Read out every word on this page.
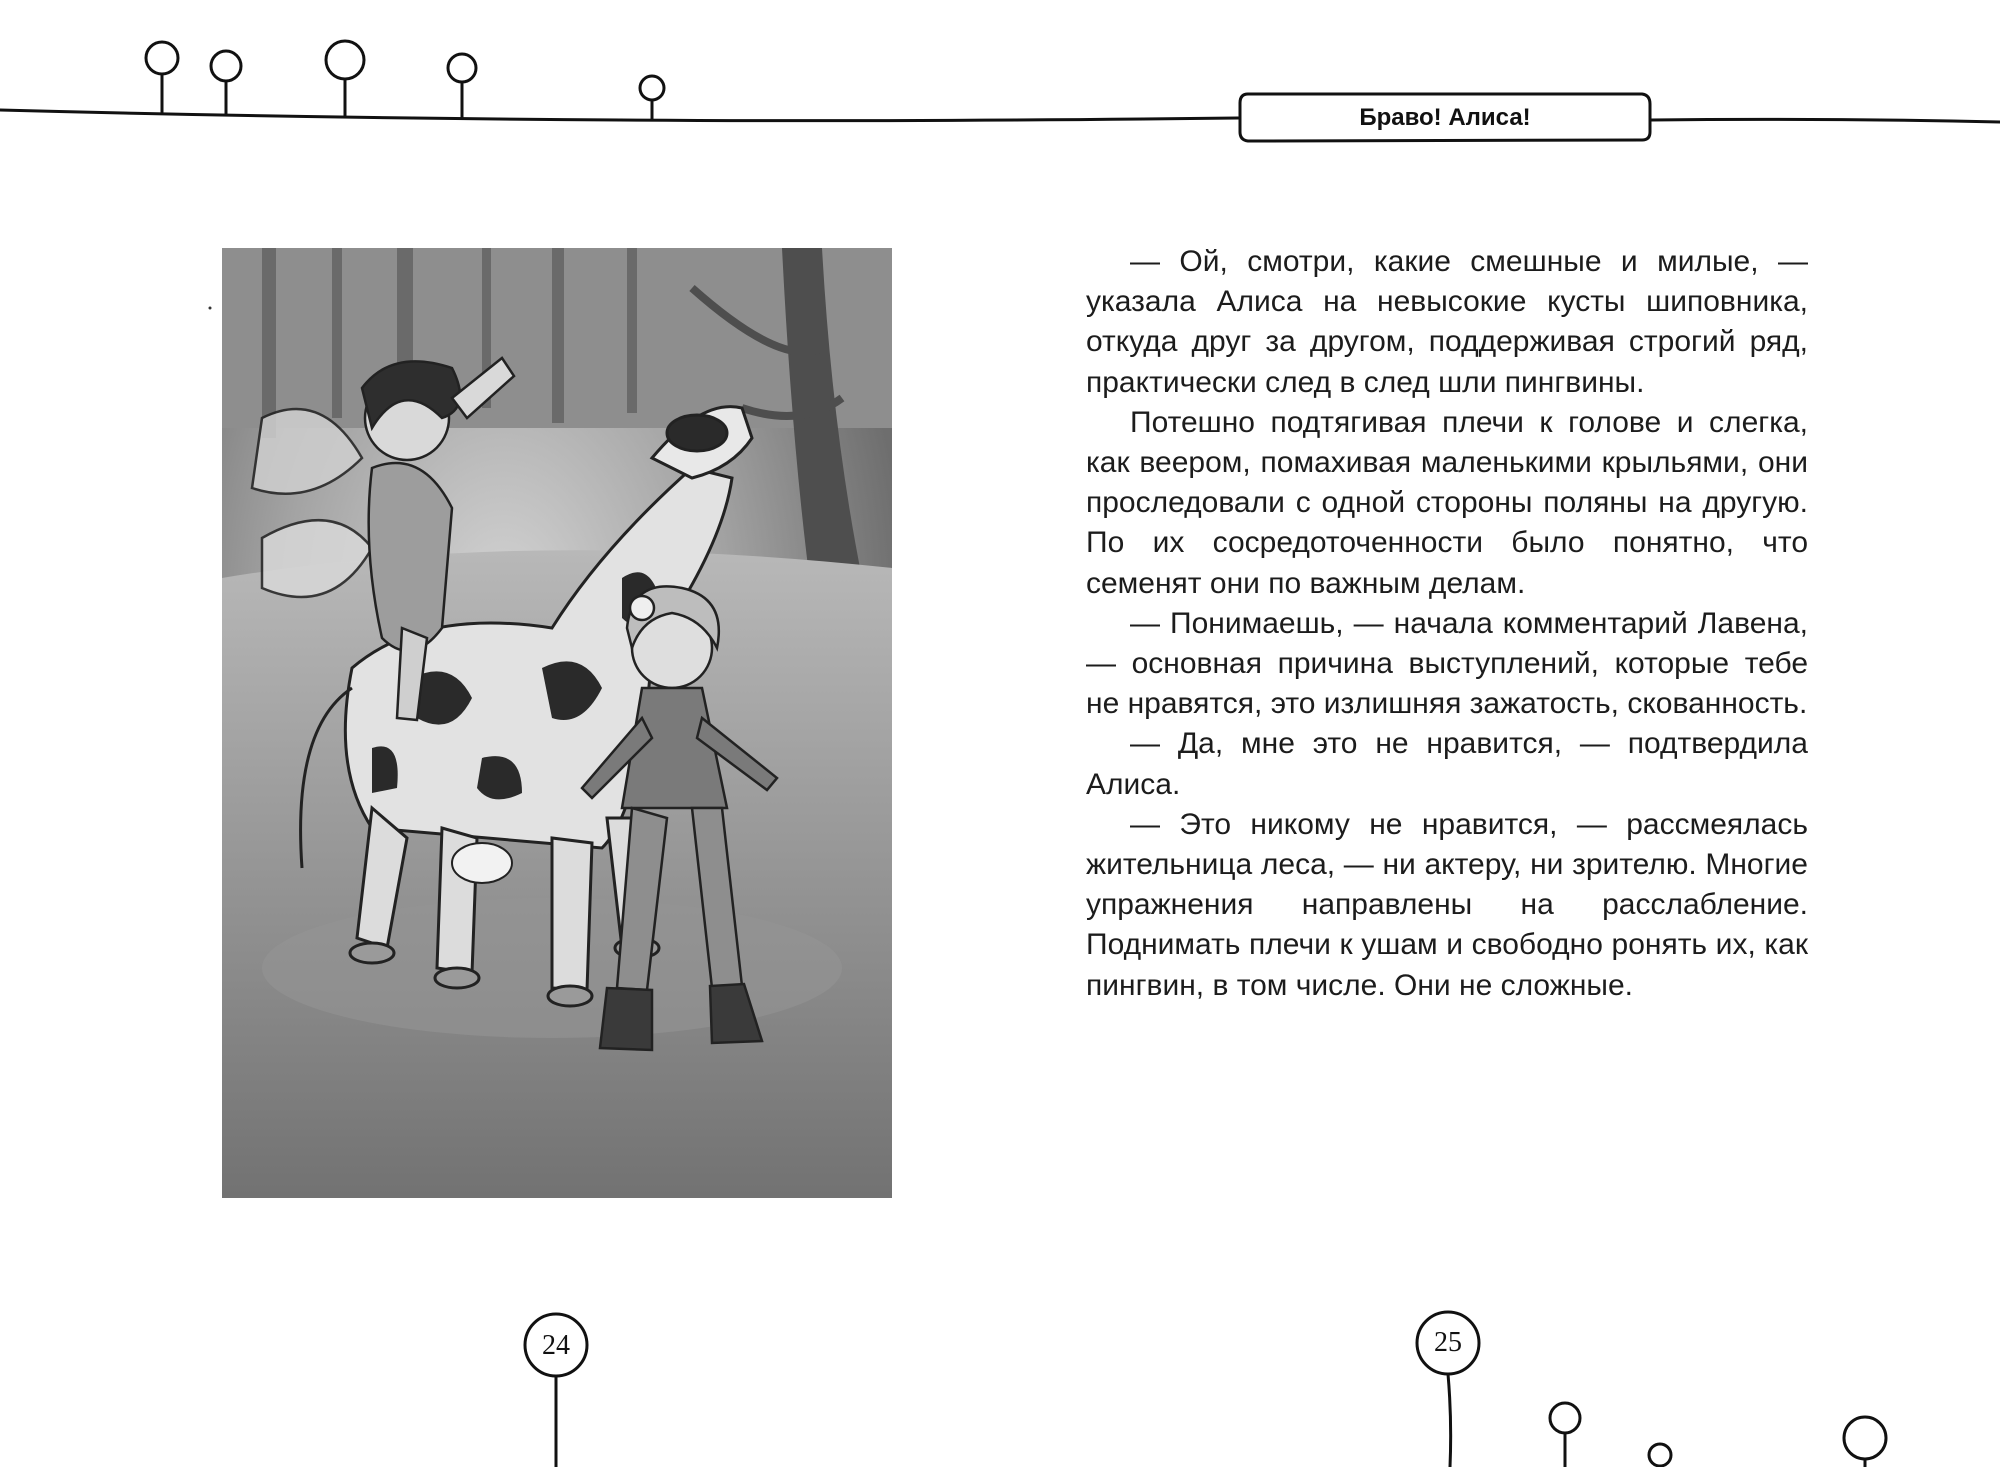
Браво! Алиса!

— Ой, смотри, какие смешные и милые, — указала Алиса на невысокие кусты шиповника, откуда друг за другом, поддерживая строгий ряд, практически след в след шли пингвины.

Потешно подтягивая плечи к голове и слегка, как веером, помахивая маленькими крыльями, они проследовали с одной стороны поляны на другую. По их сосредоточенности было понятно, что семенят они по важным делам.

— Понимаешь, — начала комментарий Лавена, — основная причина выступлений, которые тебе не нравятся, это излишняя зажатость, скованность.

— Да, мне это не нравится, — подтвердила Алиса.

— Это никому не нравится, — рассмеялась жительница леса, — ни актеру, ни зрителю. Многие упражнения направлены на расслабление. Поднимать плечи к ушам и свободно ронять их, как пингвин, в том числе. Они не сложные.

24	25
